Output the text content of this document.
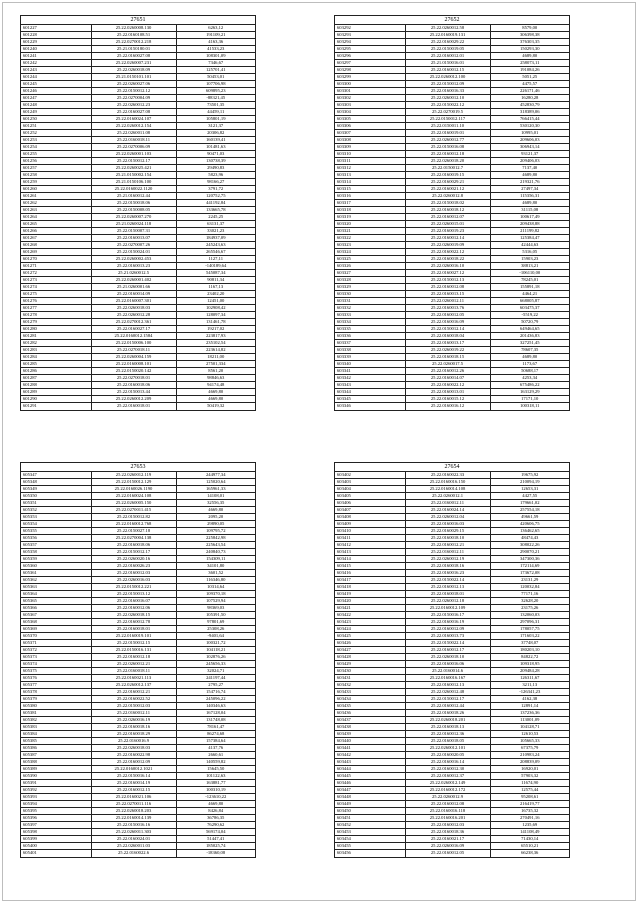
27651
601227	25.22.0260008.130	6263,12
601228	25.22.0160108.51	191109,21
601229	25.22.0270012.218	4163,36
601240	25.21.0150180.01	41533,23
601241	25.22.0160027.08	108301,09
601242	25.22.0260007.231	7346,67
601243	25.22.0260018.09	125701,41
601244	25.21.0150101.101	50453,01
601245	25.22.0260027.06	107706,98
601246	25.22.0150012.12	609895,23
601247	25.22.0270004.09	-88321,45
601248	25.22.0260012.23	73501,35
601249	25.22.0160027.08	44459,11
601250	25.22.0160024.107	105801,19
601251	25.22.0260012.154	3121,37
601252	25.22.0260011.08	20306,82
601253	25.22.0160018.11	160139,41
601254	25.22.0270006.09	101481,63
601255	25.22.0260001.103	90471,03
601256	25.22.0150012.17	130738,39
601257	25.22.0260025.421	29490,83
601258	25.21.0150002.154	5823,96
601259	25.21.0150106.100	98166,27
601260	25.22.0160022.1120	3791,72
601261	25.21.0160012.44	120752,75
601262	25.22.0150018.06	441192,84
601263	25.22.0150008.05	133665,78
601264	25.22.0260007.270	2245,25
601265	25.21.0260024.118	63131,37
601266	25.22.0150007.31	33021,23
601267	25.22.0160013.07	184937,09
601268	25.22.0270007.26	245243,63
601269	25.22.0150024.01	265546,67
601270	25.22.0260002.453	1127,11
601271	25.22.0160013.23	-140189,64
601272	25.21.0260012.5	545087,34
601273	25.22.0260001.402	90811,34
601274	25.21.0260001.66	1167,13
601275	25.22.0160014.09	23402,20
601276	25.22.0160007.301	12451,00
601277	25.22.0260018.03	102908,42
601278	25.22.0260012.28	128097,34
601279	25.22.0270012.361	131461,78
601280	25.22.0160027.17	19217,02
601281	25.22.0160012.1584	223817,93
601282	25.22.0150006.100	235102,54
601283	25.22.0270018.11	223614,82
601284	25.22.0260004.159	18211,00
601285	25.22.0160008.101	27501,334
601286	25.22.0150020.142	8561,20
601287	25.22.0270018.01	98846,63
601288	25.22.0160018.06	94174,48
601289	25.22.0150013.44	4669,80
601290	25.22.0260012.209	4669,80
601291	25.22.0160018.01	50419,32
27652
603292	25.22.0260012.58	8579,00
603293	25.22.0160019.131	306398,38
603294	25.22.0160029.22	376303,35
603295	25.22.0150019.05	150293,30
603296	25.22.0160012.01	4689,80
603297	25.21.0150016.01	258073,11
603298	25.22.0160012.15	191084,26
603299	25.22.0260012.100	5051,25
603300	25.22.0150012.09	4475,57
603301	25.22.0160016.33	226171,46
603302	25.22.0260012.10	16280,28
603303	25.22.0150022.12	452830,79
603304	25.22.0270019.5	318389,06
603305	25.22.0150012.117	766415,44
603306	25.22.0150011.10	530120,30
603307	25.22.0160019.01	10995,01
603308	25.22.0260012.77	209606,03
603309	25.22.0150016.08	306943,14
603310	25.22.0160012.18	93121,37
603311	25.22.0260018.20	209406,03
603312	25.22.0150012.7	7137,40
603313	25.22.0160019.15	4689,80
603314	25.22.0160029.21	219321,76
603315	25.22.0160021.12	27497,34
603316	25.22.0260012.8	115356,31
603317	25.22.0150018.02	4689,80
603318	25.22.0160018.12	31115,08
603319	25.22.0160012.07	100617,49
603320	25.22.0260015.01	209438,88
603321	25.22.0160019.23	211199,82
603322	25.22.0160012.14	125384,47
603323	25.22.0260019.09	42444,63
603324	25.22.0160022.12	5316,05
603325	25.22.0160018.22	15903,23
603326	25.22.0260016.10	38813,21
603327	25.22.0160027.12	-106110,00
603328	25.22.0150012.13	78245,01
603329	25.22.0160012.08	155891,18
603330	25.22.0160013.15	4464,21
603331	25.22.0260012.11	668005,87
603332	25.22.0160013.76	603475,37
603333	25.22.0160012.05	-5519,22
603334	25.22.0160016.09	50720,79
603335	25.22.0150012.14	649464,65
603336	25.22.0160018.04	201436,83
603337	25.22.0160013.17	327251,45
603338	25.22.0260019.22	78607,35
603339	25.22.0160018.15	4689,80
603340	25.22.0260017.5	1173,67
603341	25.22.0160012.26	50688,17
603342	25.22.0160014.07	4253,34
603343	25.22.0160022.12	675486,22
603344	25.22.0160013.01	163129,29
603345	25.22.0160015.12	17171,10
603346	25.22.0160016.12	100318,11
27653
605347	25.22.0260012.119	244977,34
605348	25.22.0150012.129	125020,64
605349	25.22.0160026.1190	165961,33
605350	25.22.0160024.108	14108,01
605351	25.22.0260005.150	32556,35
605352	25.22.0270011.415	4669,80
605353	25.22.0150012.82	2095,20
605354	25.22.0160012.768	29890,05
605355	25.22.0150027.18	109795,72
605356	25.22.0270004.138	225842,98
605357	25.22.0160018.06	225643,54
605358	25.22.0150012.17	240840,73
605359	25.22.0260020.16	154309,11
605360	25.22.0160026.23	34101,80
605361	25.22.0160012.03	3601,52
605362	25.22.0260016.03	116346,80
605363	25.22.0150012.221	10314,64
605364	25.22.0150013.12	109370,18
605365	25.22.0160016.07	107529,94
605366	25.22.0160012.06	98369,03
605367	25.22.0260018.15	105391,50
605368	25.22.0160012.78	97801,69
605369	25.22.0160018.01	25308,26
605370	25.22.0160019.101	-9401,64
605371	25.22.0150012.15	100321,72
605372	25.22.0150016.131	104118,21
605373	25.22.0160012.18	102876,26
605374	25.22.0260012.21	245656,33
605375	25.22.0160018.11	32024,71
605376	25.22.0160021.113	241197,44
605377	25.22.0260012.137	2795,27
605378	25.22.0160012.21	154716,74
605379	25.22.0160022.52	245096,22
605380	25.22.0150012.03	140346,63
605381	25.22.0160012.11	167128,04
605382	25.22.0260016.19	131748,08
605383	25.22.0160018.16	78161,47
605384	25.22.0160018.29	86274,68
605385	25.22.0160016.9	157384,64
605386	25.22.0260018.03	4137,76
605387	25.22.0160022.98	2660,61
605388	25.22.0160012.09	140559,82
605389	25.22.0160012.1021	15645,50
605390	25.22.0150016.14	101122,63
605391	25.22.0160014.19	163881,77
605392	25.22.0160012.15	100310,19
605393	25.22.0160021.106	-123610,22
605394	25.22.0270011.116	4669,80
605395	25.22.0260018.203	8426,84
605396	25.22.0160014.139	36786,35
605397	25.22.0150016.16	76290,62
605398	25.22.0260011.303	569174,04
605399	25.22.0160024.01	51447,41
605400	25.22.0260011.03	185025,74
605401	25.22.0160022.6	-18360,08
27654
603402	25.22.0160022.33	19675,92
603403	25.22.0160016.150	210094,19
603404	25.22.0160014.108	12653,31
603405	25.22.0260012.1	4427,55
603406	25.22.0160012.11	179661,02
603407	25.22.0160024.14	257554,18
603408	25.22.0260012.04	49661,59
603409	25.22.0160016.03	420606,75
603410	25.22.0160029.15	136462,65
603411	25.22.0160018.10	48474,43
603412	25.22.0160012.21	308022,26
603413	25.22.0160012.11	290070,21
603414	25.22.0260012.19	347300,36
603415	25.22.0160018.16	172114,69
603416	25.22.0160016.23	173672,08
603417	25.22.0150022.14	23131,29
603418	25.22.0160012.13	120032,84
603419	25.22.0160018.01	77171,16
603420	25.22.0260012.18	32628,20
603421	25.22.0160012.109	23175,26
603422	25.22.0150016.17	132060,03
603423	25.22.0160016.19	297096,31
603424	25.22.0160012.09	178057,75
603425	25.22.0160013.73	171603,22
603426	25.22.0150022.14	37748,07
603427	25.22.0160012.17	180203,10
603428	25.22.0260018.10	84822,72
603429	25.22.0160016.06	109318,95
603430	25.22.0160014.6	209484,28
603431	25.22.0160016.167	126311,67
603432	25.22.0160012.13	3211,13
603433	25.22.0260012.48	-126341,23
603434	25.22.0150012.17	4162,38
603435	25.22.0160012.44	12891,14
603436	25.22.0160018.26	137236,36
603437	25.22.0260018.201	113001,09
603438	25.22.0160018.13	104128,71
603439	25.22.0160012.36	12610,53
603440	25.22.0160018.05	105665,33
603441	25.22.0260012.101	67375,79
603442	25.22.0160020.05	210983,24
603443	25.22.0160016.14	208839,09
603444	25.22.0160012.30	16920,01
603445	25.22.0160012.37	57903,32
603446	25.22.0260012.149	11674,90
603447	25.22.0160012.172	12575,44
603448	25.22.0260012.9	95208,61
603449	25.22.0160012.08	216419,77
603450	25.22.0160016.118	16735,32
603451	25.22.0160016.201	270491,16
603452	25.22.0160012.03	1235,69
603453	25.22.0160018.36	141108,49
603454	25.22.0160021.17	71430,14
603455	25.22.0260016.09	65510,21
603456	25.22.0160012.05	66238,36
